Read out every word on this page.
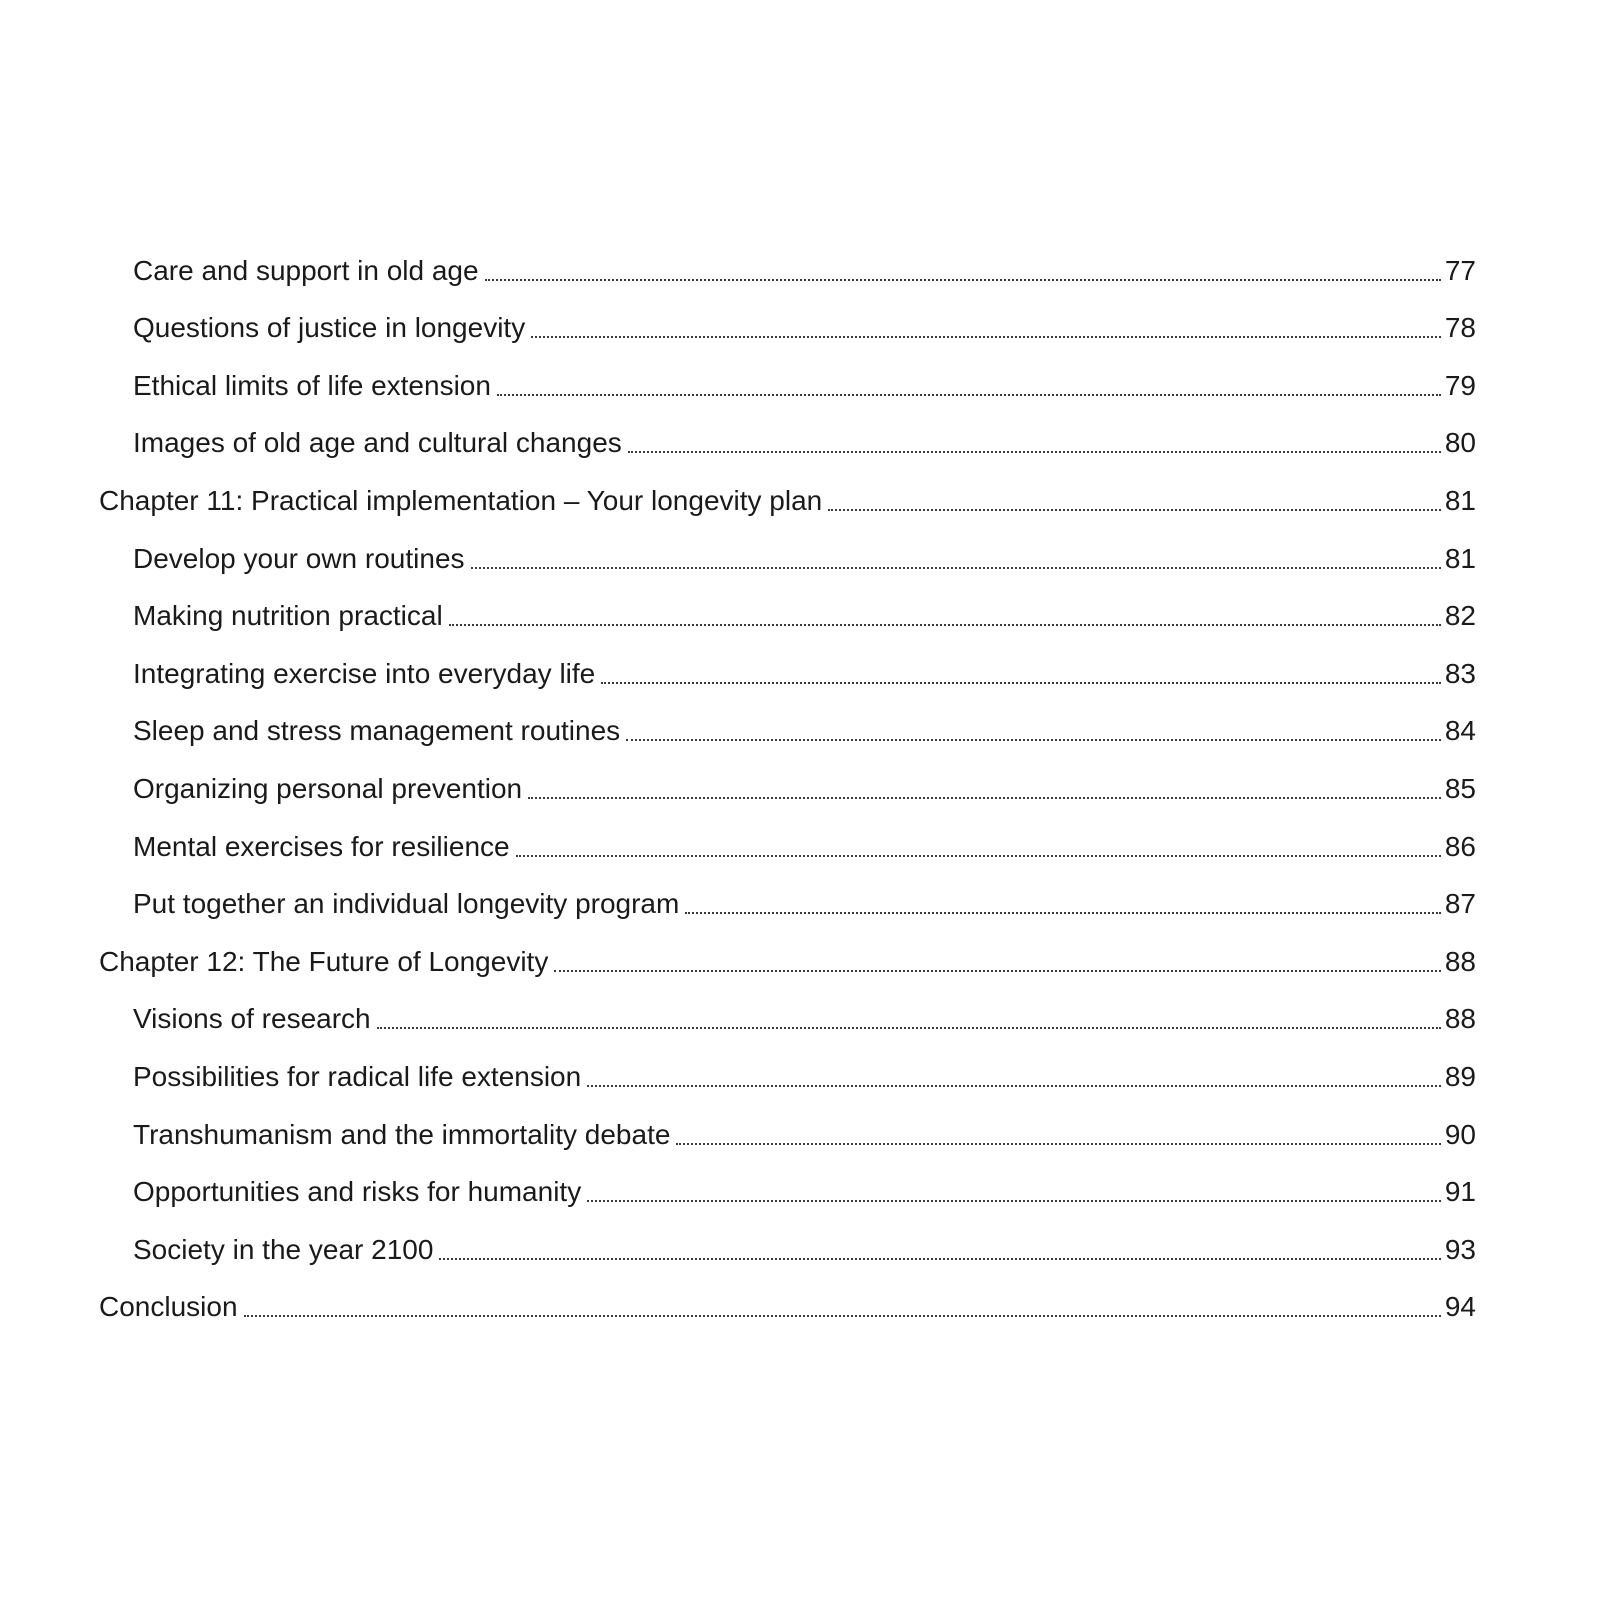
Care and support in old age	77
Questions of justice in longevity	78
Ethical limits of life extension	79
Images of old age and cultural changes	80
Chapter 11: Practical implementation – Your longevity plan	81
Develop your own routines	81
Making nutrition practical	82
Integrating exercise into everyday life	83
Sleep and stress management routines	84
Organizing personal prevention	85
Mental exercises for resilience	86
Put together an individual longevity program	87
Chapter 12: The Future of Longevity	88
Visions of research	88
Possibilities for radical life extension	89
Transhumanism and the immortality debate	90
Opportunities and risks for humanity	91
Society in the year 2100	93
Conclusion	94
